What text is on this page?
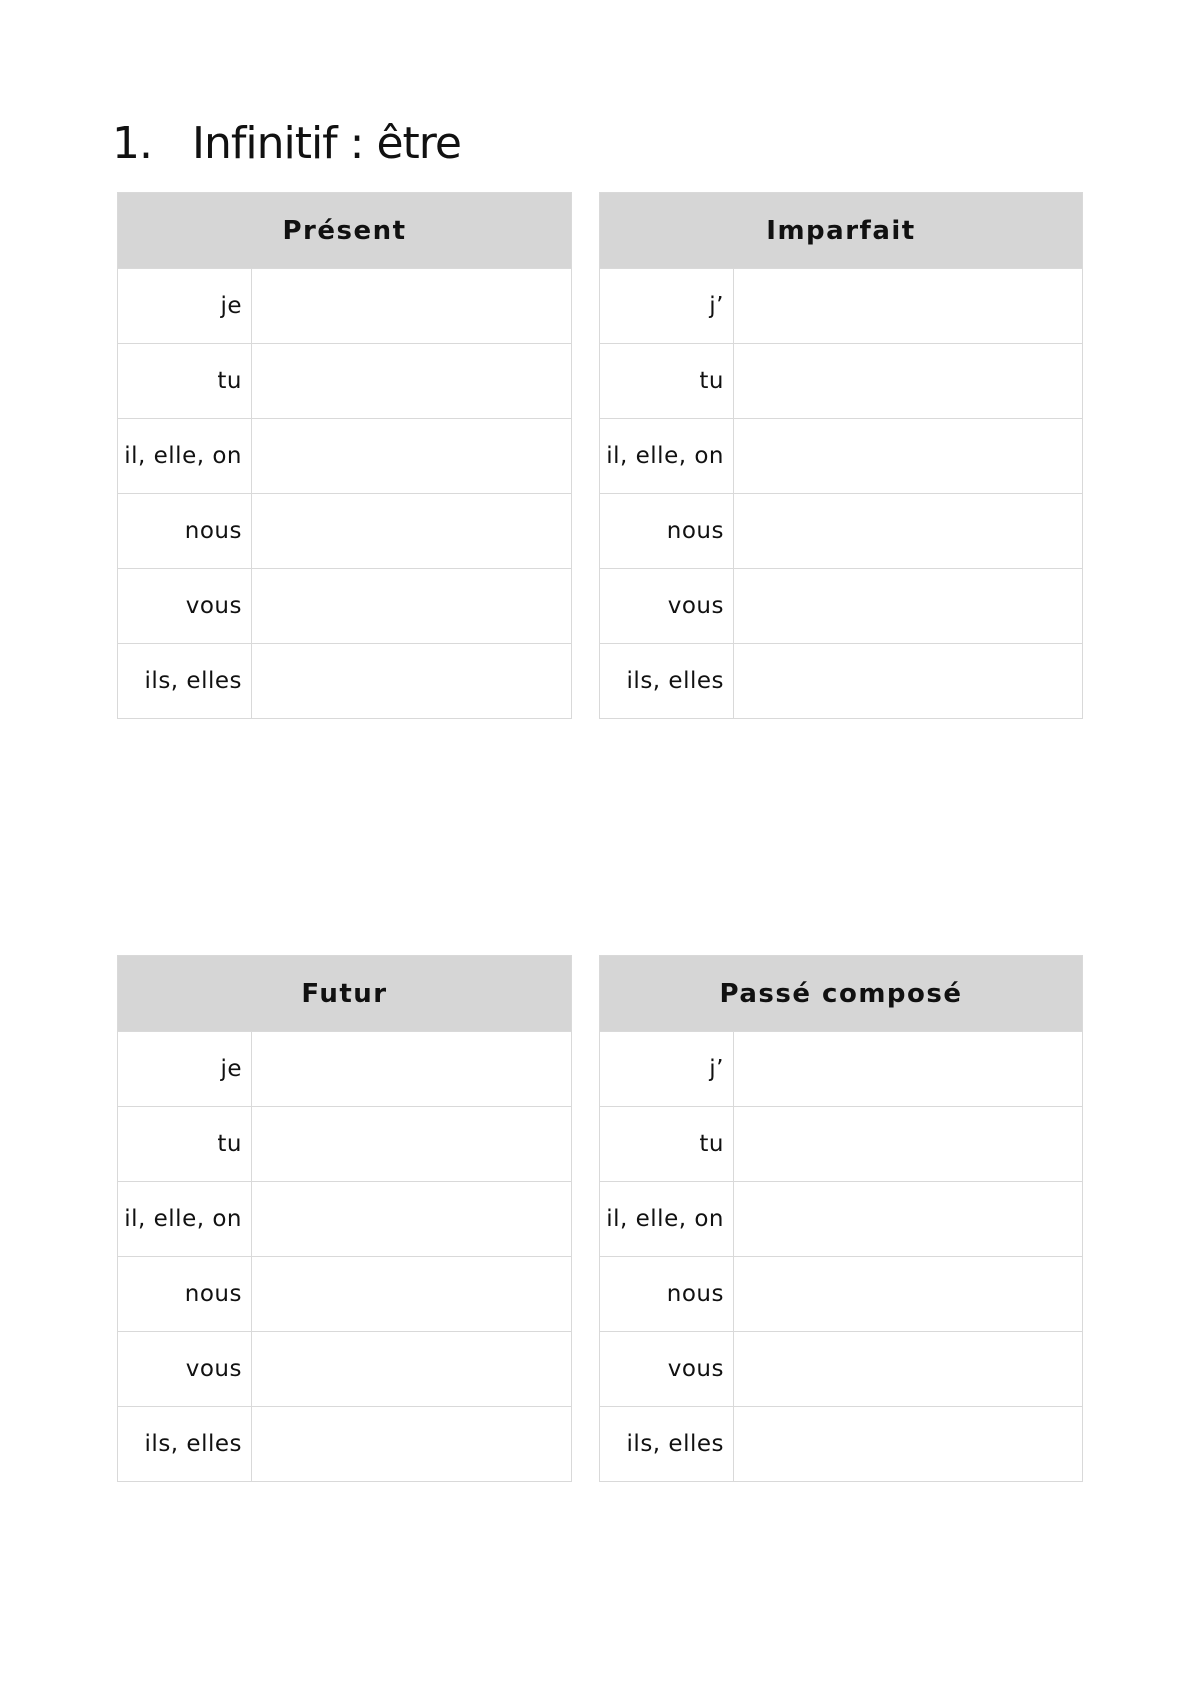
1. Infinitif : être
Présent	
je	
tu	
il, elle, on	
nous	
vous	
ils, elles	
Imparfait	
j’	
tu	
il, elle, on	
nous	
vous	
ils, elles	
Futur	
je	
tu	
il, elle, on	
nous	
vous	
ils, elles	
Passé composé	
j’	
tu	
il, elle, on	
nous	
vous	
ils, elles	
